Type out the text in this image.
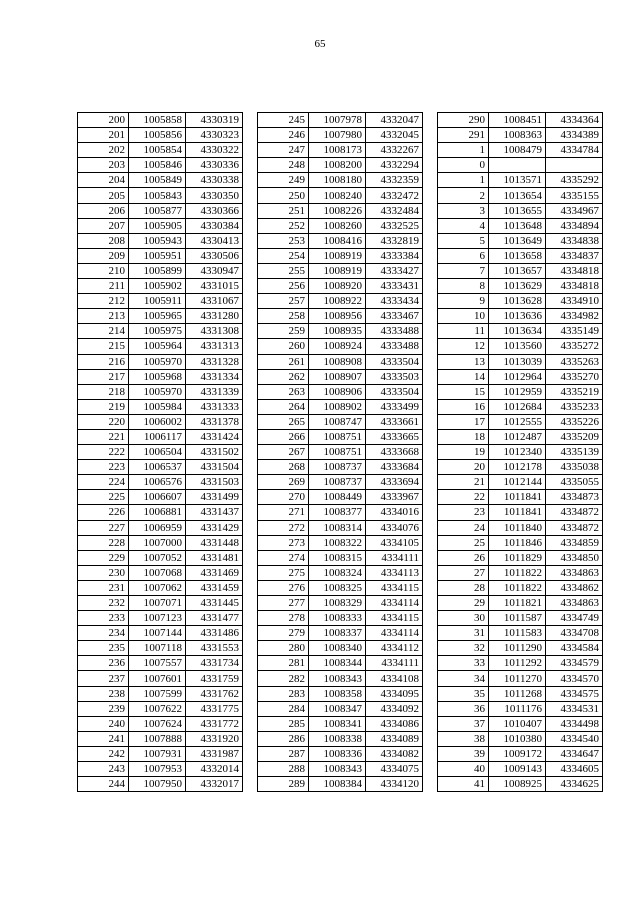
65
200	1005858	4330319
201	1005856	4330323
202	1005854	4330322
203	1005846	4330336
204	1005849	4330338
205	1005843	4330350
206	1005877	4330366
207	1005905	4330384
208	1005943	4330413
209	1005951	4330506
210	1005899	4330947
211	1005902	4331015
212	1005911	4331067
213	1005965	4331280
214	1005975	4331308
215	1005964	4331313
216	1005970	4331328
217	1005968	4331334
218	1005970	4331339
219	1005984	4331333
220	1006002	4331378
221	1006117	4331424
222	1006504	4331502
223	1006537	4331504
224	1006576	4331503
225	1006607	4331499
226	1006881	4331437
227	1006959	4331429
228	1007000	4331448
229	1007052	4331481
230	1007068	4331469
231	1007062	4331459
232	1007071	4331445
233	1007123	4331477
234	1007144	4331486
235	1007118	4331553
236	1007557	4331734
237	1007601	4331759
238	1007599	4331762
239	1007622	4331775
240	1007624	4331772
241	1007888	4331920
242	1007931	4331987
243	1007953	4332014
244	1007950	4332017
245	1007978	4332047
246	1007980	4332045
247	1008173	4332267
248	1008200	4332294
249	1008180	4332359
250	1008240	4332472
251	1008226	4332484
252	1008260	4332525
253	1008416	4332819
254	1008919	4333384
255	1008919	4333427
256	1008920	4333431
257	1008922	4333434
258	1008956	4333467
259	1008935	4333488
260	1008924	4333488
261	1008908	4333504
262	1008907	4333503
263	1008906	4333504
264	1008902	4333499
265	1008747	4333661
266	1008751	4333665
267	1008751	4333668
268	1008737	4333684
269	1008737	4333694
270	1008449	4333967
271	1008377	4334016
272	1008314	4334076
273	1008322	4334105
274	1008315	4334111
275	1008324	4334113
276	1008325	4334115
277	1008329	4334114
278	1008333	4334115
279	1008337	4334114
280	1008340	4334112
281	1008344	4334111
282	1008343	4334108
283	1008358	4334095
284	1008347	4334092
285	1008341	4334086
286	1008338	4334089
287	1008336	4334082
288	1008343	4334075
289	1008384	4334120
290	1008451	4334364
291	1008363	4334389
1	1008479	4334784
0		
1	1013571	4335292
2	1013654	4335155
3	1013655	4334967
4	1013648	4334894
5	1013649	4334838
6	1013658	4334837
7	1013657	4334818
8	1013629	4334818
9	1013628	4334910
10	1013636	4334982
11	1013634	4335149
12	1013560	4335272
13	1013039	4335263
14	1012964	4335270
15	1012959	4335219
16	1012684	4335233
17	1012555	4335226
18	1012487	4335209
19	1012340	4335139
20	1012178	4335038
21	1012144	4335055
22	1011841	4334873
23	1011841	4334872
24	1011840	4334872
25	1011846	4334859
26	1011829	4334850
27	1011822	4334863
28	1011822	4334862
29	1011821	4334863
30	1011587	4334749
31	1011583	4334708
32	1011290	4334584
33	1011292	4334579
34	1011270	4334570
35	1011268	4334575
36	1011176	4334531
37	1010407	4334498
38	1010380	4334540
39	1009172	4334647
40	1009143	4334605
41	1008925	4334625
